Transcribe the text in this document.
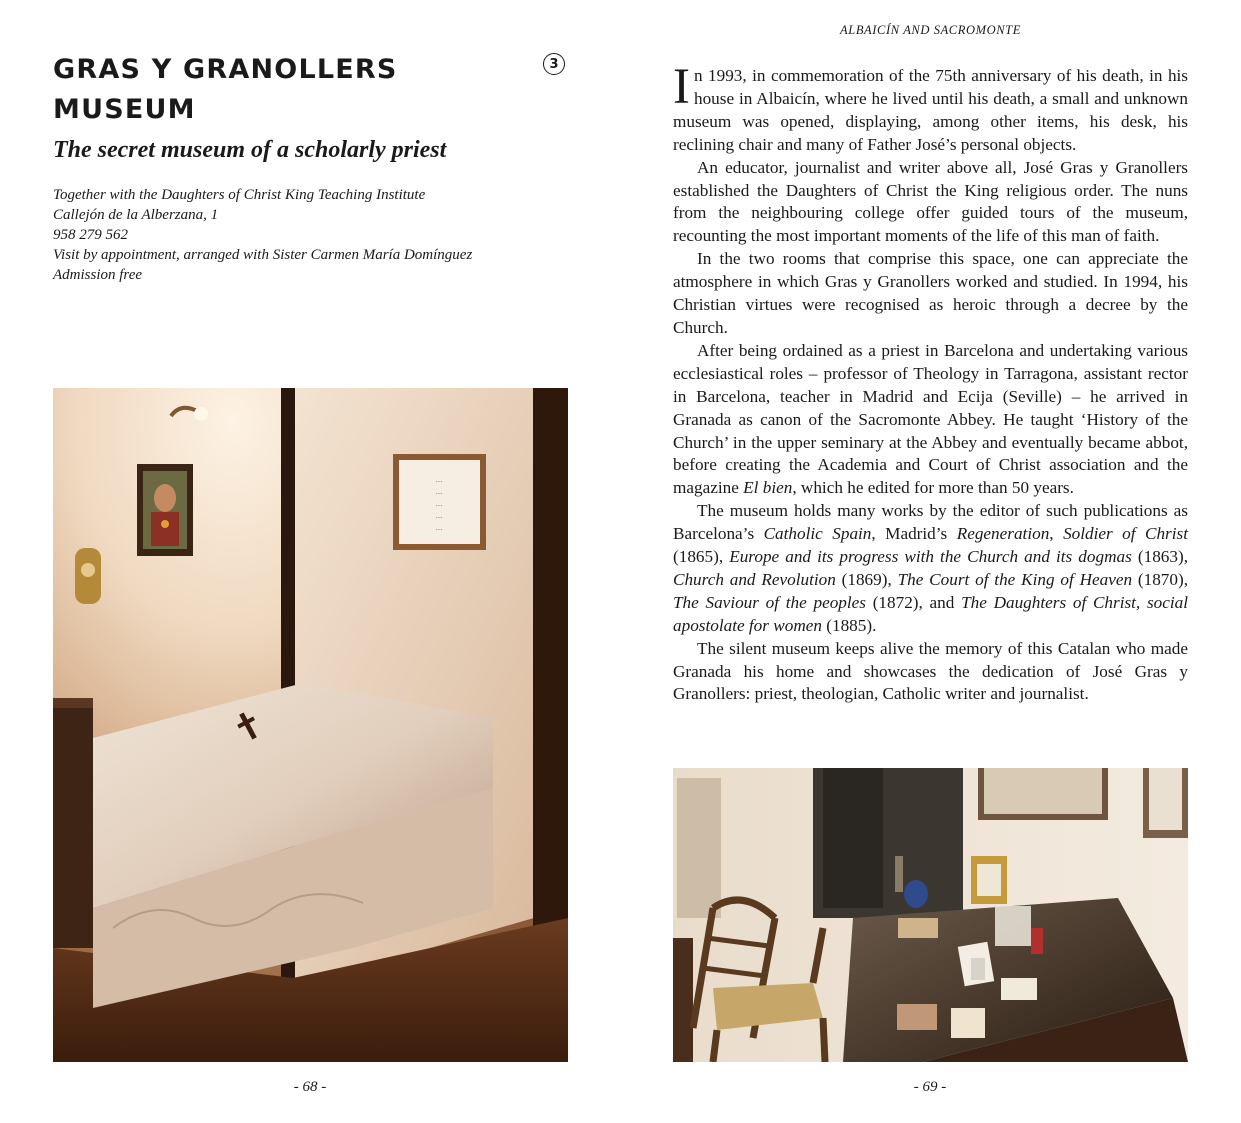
GRAS Y GRANOLLERS
MUSEUM
3
The secret museum of a scholarly priest
Together with the Daughters of Christ King Teaching Institute
Callejón de la Alberzana, 1
958 279 562
Visit by appointment, arranged with Sister Carmen María Domínguez
Admission free
...
...
...
...
...
- 68 -
ALBAICÍN AND SACROMONTE

In 1993, in commemoration of the 75th anniversary of his death, in his house in Albaicín, where he lived until his death, a small and unknown museum was opened, displaying, among other items, his desk, his reclining chair and many of Father José’s personal objects.

An educator, journalist and writer above all, José Gras y Granollers established the Daughters of Christ the King religious order. The nuns from the neighbouring college offer guided tours of the museum, recounting the most important moments of the life of this man of faith.

In the two rooms that comprise this space, one can appreciate the atmosphere in which Gras y Granollers worked and studied. In 1994, his Christian virtues were recognised as heroic through a decree by the Church.

After being ordained as a priest in Barcelona and undertaking various ecclesiastical roles – professor of Theology in Tarragona, assistant rector in Barcelona, teacher in Madrid and Ecija (Seville) – he arrived in Granada as canon of the Sacromonte Abbey. He taught ‘History of the Church’ in the upper seminary at the Abbey and eventually became abbot, before creating the Academia and Court of Christ association and the magazine El bien, which he edited for more than 50 years.

The museum holds many works by the editor of such publications as Barcelona’s Catholic Spain, Madrid’s Regeneration, Soldier of Christ (1865), Europe and its progress with the Church and its dogmas (1863), Church and Revolution (1869), The Court of the King of Heaven (1870), The Saviour of the peoples (1872), and The Daughters of Christ, social apostolate for women (1885).

The silent museum keeps alive the memory of this Catalan who made Granada his home and showcases the dedication of José Gras y Granollers: priest, theologian, Catholic writer and journalist.

- 69 -
